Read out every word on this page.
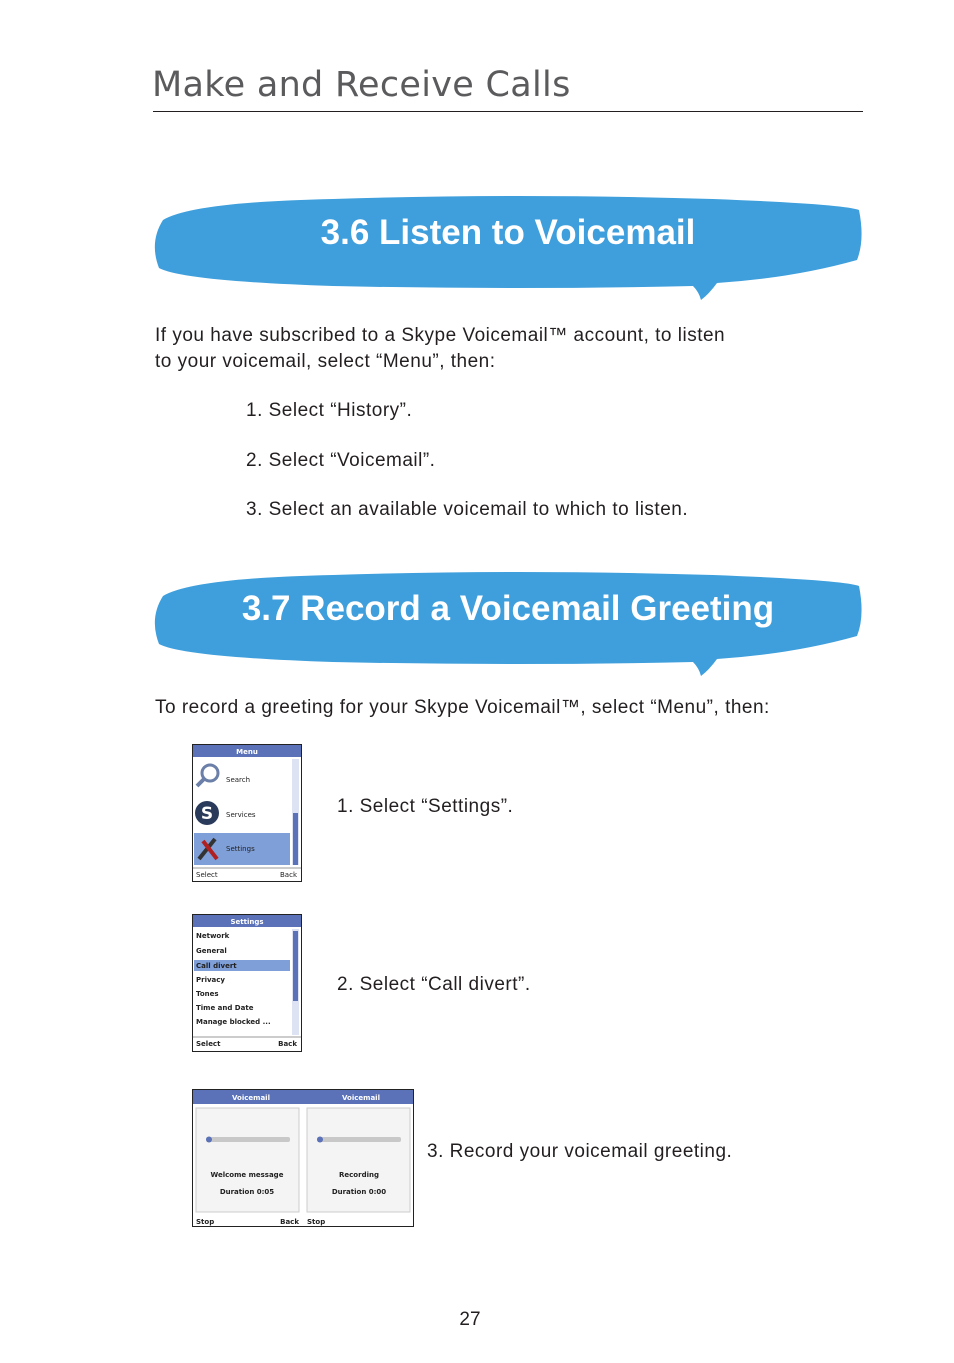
Make and Receive Calls
3.6 Listen to Voicemail
If you have subscribed to a Skype Voicemail™ account, to listen
to your voicemail, select “Menu”, then:
1. Select “History”.
2. Select “Voicemail”.
3. Select an available voicemail to which to listen.
3.7 Record a Voicemail Greeting
To record a greeting for your Skype Voicemail™, select “Menu”, then:
Menu
Search
S Services
Settings
Select	Back
1. Select “Settings”.
Settings
Network
General
Call divert
Privacy
Tones
Time and Date
Manage blocked ...
Select	Back
2. Select “Call divert”.
Voicemail
Welcome message
Duration 0:05
Stop	Back
Voicemail
Recording
Duration 0:00
Stop
3. Record your voicemail greeting.
27
